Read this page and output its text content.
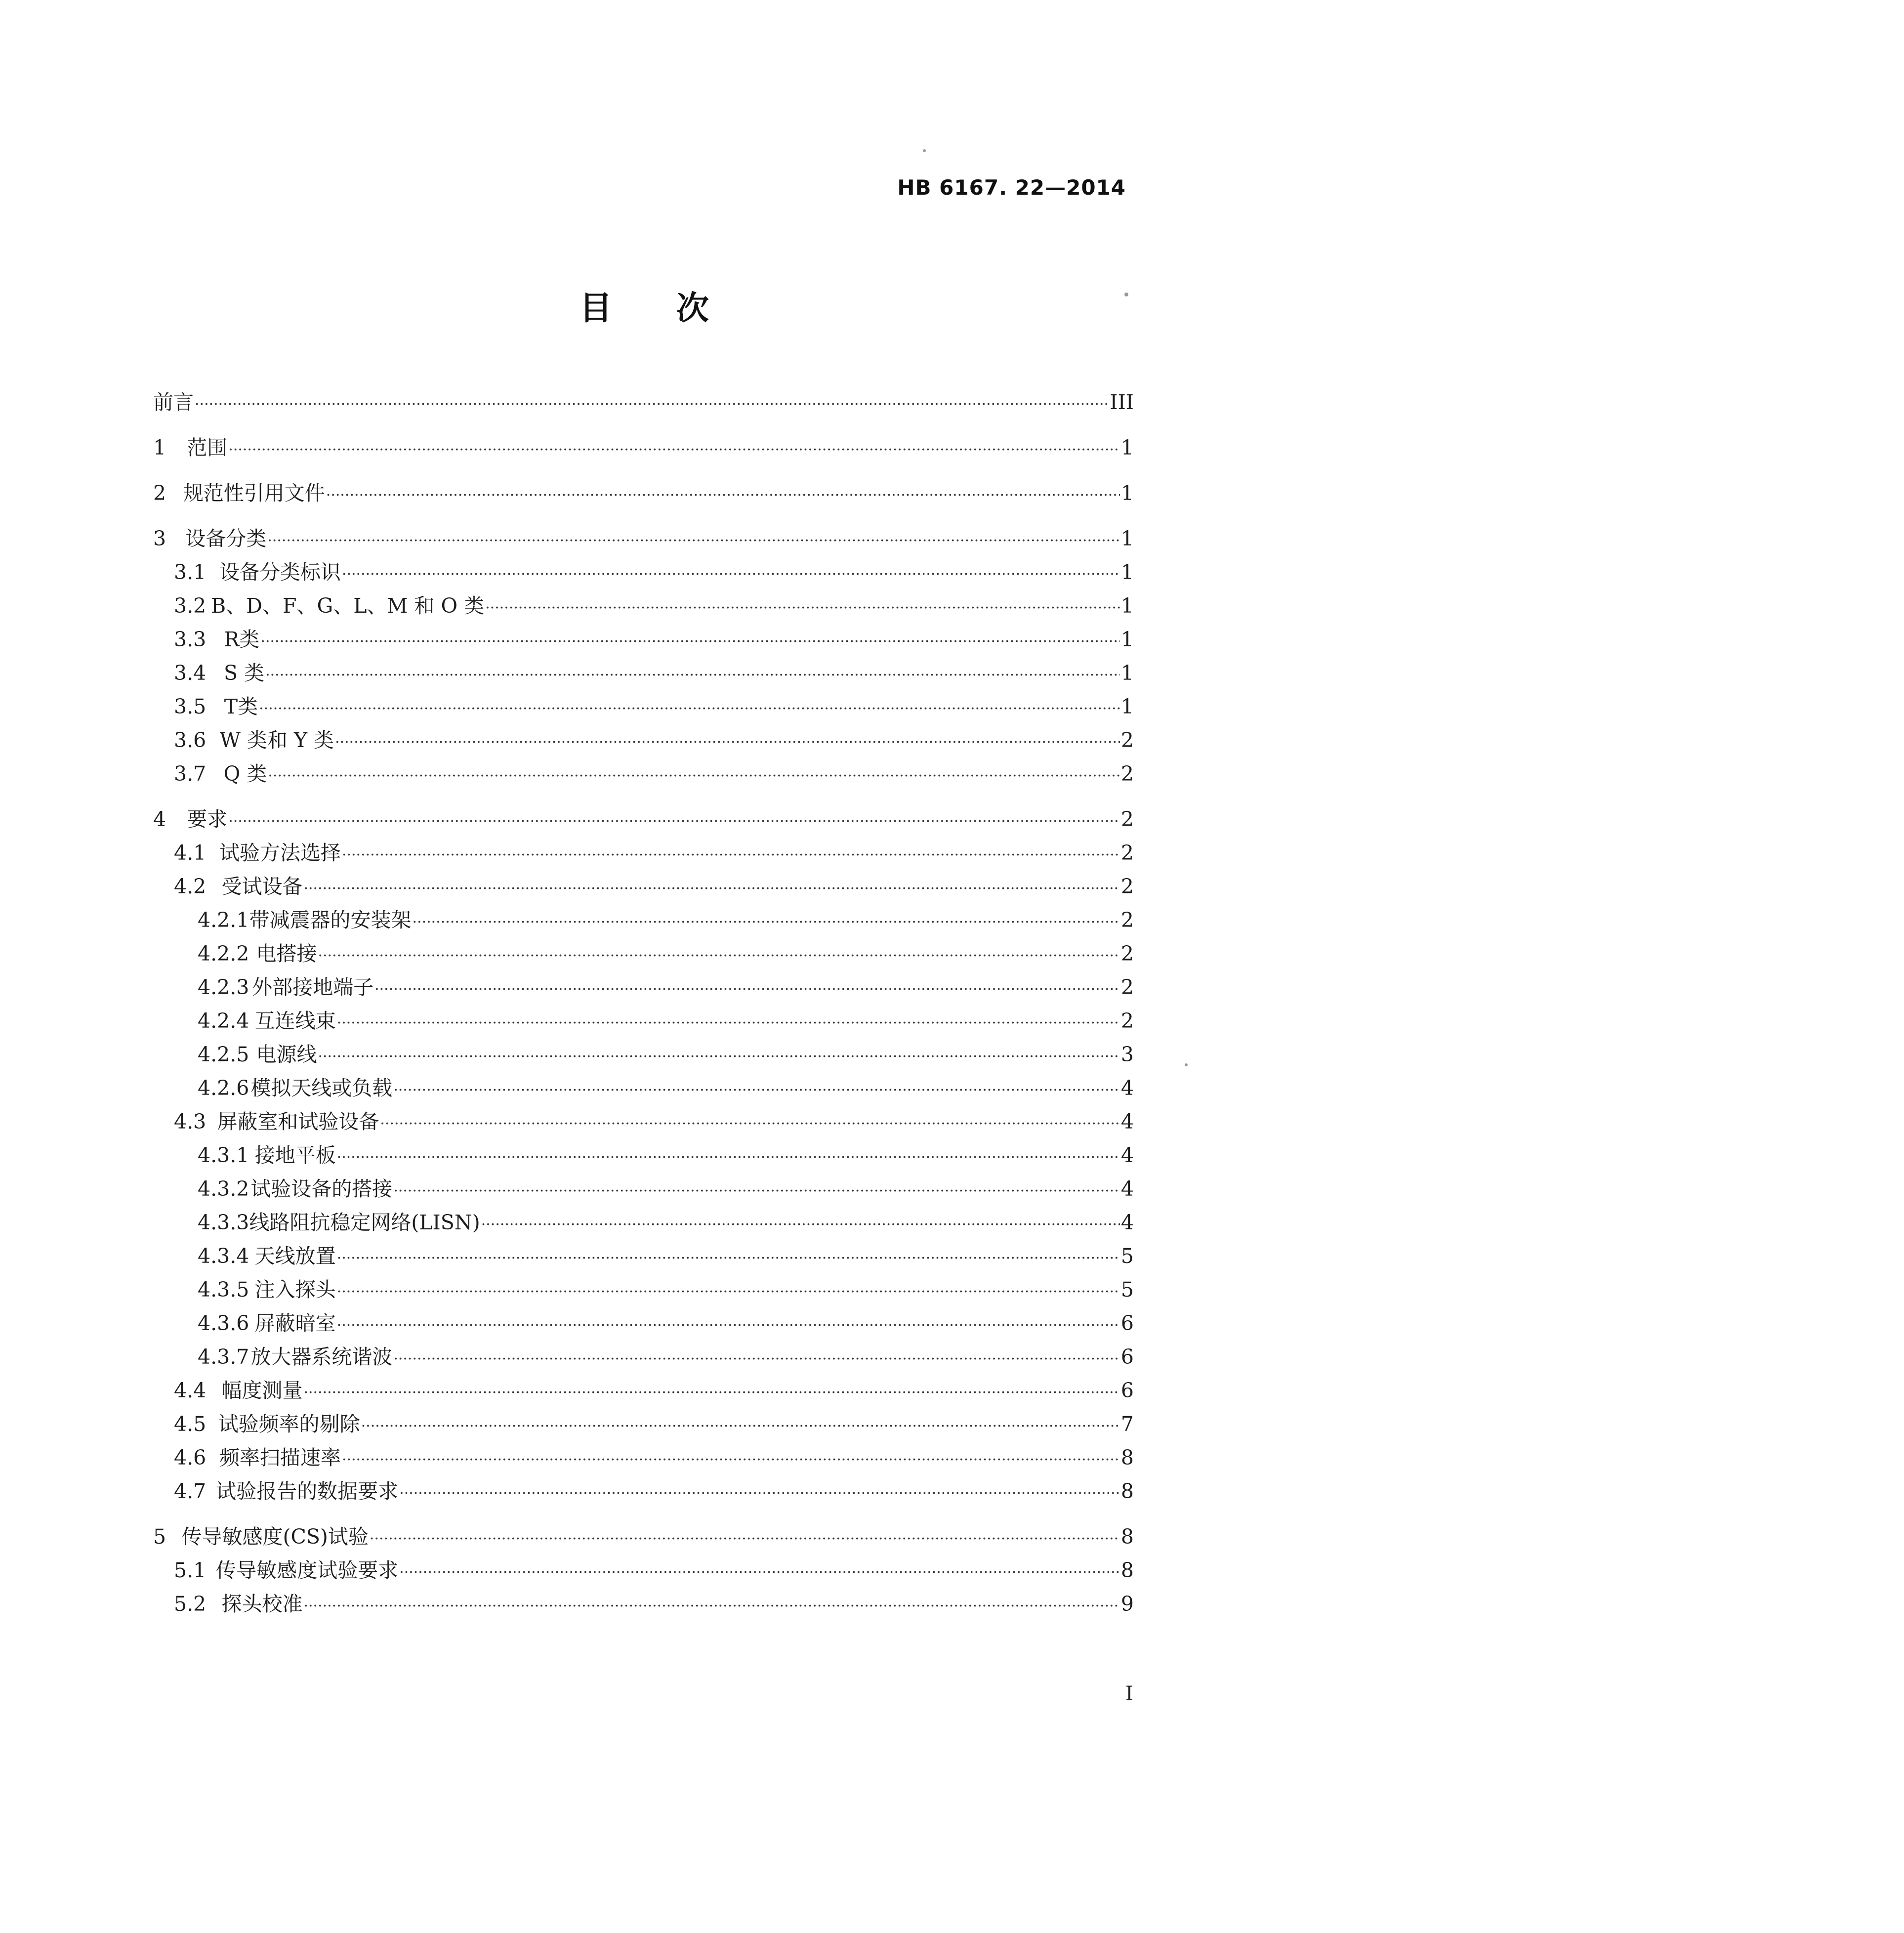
HB 6167. 22—2014
目 次
前言 ·····	III
1	范围 ·····	1
2 规范性引用文件 ·····	1
3 设备分类 ·····	1
3.1 设备分类标识 ·····	1
3.2 B、D、F、G、L、M 和 O 类 ·····	1
3.3 R类 ·····	1
3.4 S 类 ·····	1
3.5 T类 ·····	1
3.6 W 类和 Y 类 ·····	2
3.7 Q 类 ·····	2
4	要求 ·····	2
4.1 试验方法选择 ·····	2
4.2 受试设备 ·····	2
4.2.1 带减震器的安装架 ·····	2
4.2.2 电搭接 ·····	2
4.2.3 外部接地端子 ·····	2
4.2.4 互连线束 ·····	2
4.2.5 电源线 ·····	3
4.2.6 模拟天线或负载 ·····	4
4.3 屏蔽室和试验设备 ·····	4
4.3.1 接地平板 ·····	4
4.3.2 试验设备的搭接 ·····	4
4.3.3 线路阻抗稳定网络(LISN) ·····	4
4.3.4 天线放置 ·····	5
4.3.5 注入探头 ·····	5
4.3.6 屏蔽暗室 ·····	6
4.3.7 放大器系统谐波 ·····	6
4.4 幅度测量 ·····	6
4.5 试验频率的剔除 ·····	7
4.6 频率扫描速率 ·····	8
4.7 试验报告的数据要求 ·····	8
5 传导敏感度(CS)试验 ·····	8
5.1 传导敏感度试验要求 ·····	8
5.2 探头校准 ·····	9
I
